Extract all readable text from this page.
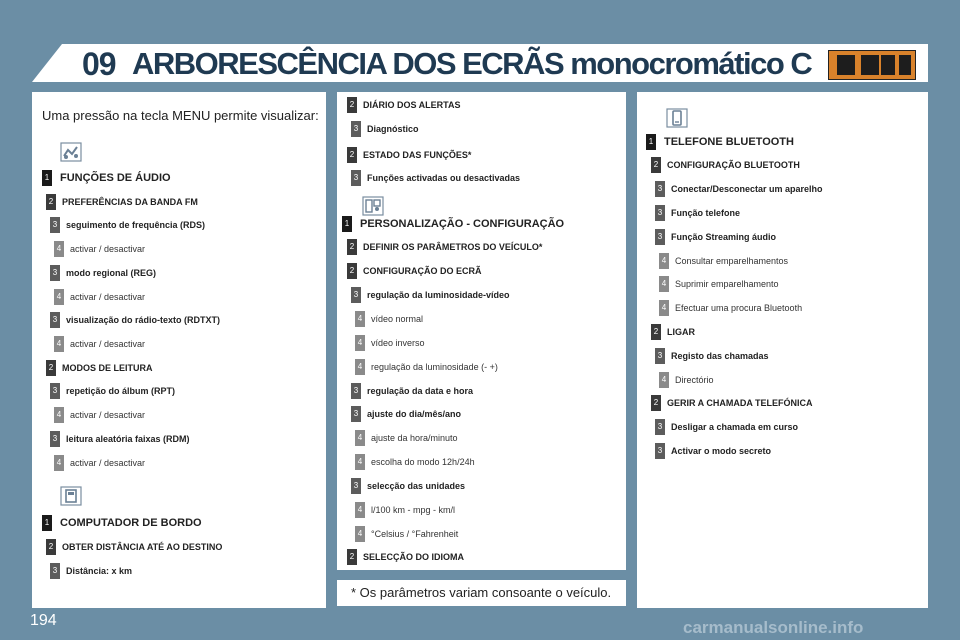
09 ARBORESCÊNCIA DOS ECRÃS monocromático C
Uma pressão na tecla MENU permite visualizar:
1 FUNÇÕES DE ÁUDIO
2 PREFERÊNCIAS DA BANDA FM
3 seguimento de frequência (RDS)
4 activar / desactivar
3 modo regional (REG)
4 activar / desactivar
3 visualização do rádio-texto (RDTXT)
4 activar / desactivar
2 MODOS DE LEITURA
3 repetição do álbum (RPT)
4 activar / desactivar
3 leitura aleatória faixas (RDM)
4 activar / desactivar
1 COMPUTADOR DE BORDO
2 OBTER DISTÂNCIA ATÉ AO DESTINO
3 Distância: x km
2 DIÁRIO DOS ALERTAS
3 Diagnóstico
2 ESTADO DAS FUNÇÕES*
3 Funções activadas ou desactivadas
1 PERSONALIZAÇÃO - CONFIGURAÇÃO
2 DEFINIR OS PARÂMETROS DO VEÍCULO*
2 CONFIGURAÇÃO DO ECRÃ
3 regulação da luminosidade-vídeo
4 vídeo normal
4 vídeo inverso
4 regulação da luminosidade (- +)
3 regulação da data e hora
3 ajuste do dia/mês/ano
4 ajuste da hora/minuto
4 escolha do modo 12h/24h
3 selecção das unidades
4 l/100 km - mpg - km/l
4 °Celsius / °Fahrenheit
2 SELECÇÃO DO IDIOMA
1 TELEFONE BLUETOOTH
2 CONFIGURAÇÃO BLUETOOTH
3 Conectar/Desconectar um aparelho
3 Função telefone
3 Função Streaming áudio
4 Consultar emparelhamentos
4 Suprimir emparelhamento
4 Efectuar uma procura Bluetooth
2 LIGAR
3 Registo das chamadas
4 Directório
2 GERIR A CHAMADA TELEFÓNICA
3 Desligar a chamada em curso
3 Activar o modo secreto
* Os parâmetros variam consoante o veículo.
194	carmanualsonline.info
